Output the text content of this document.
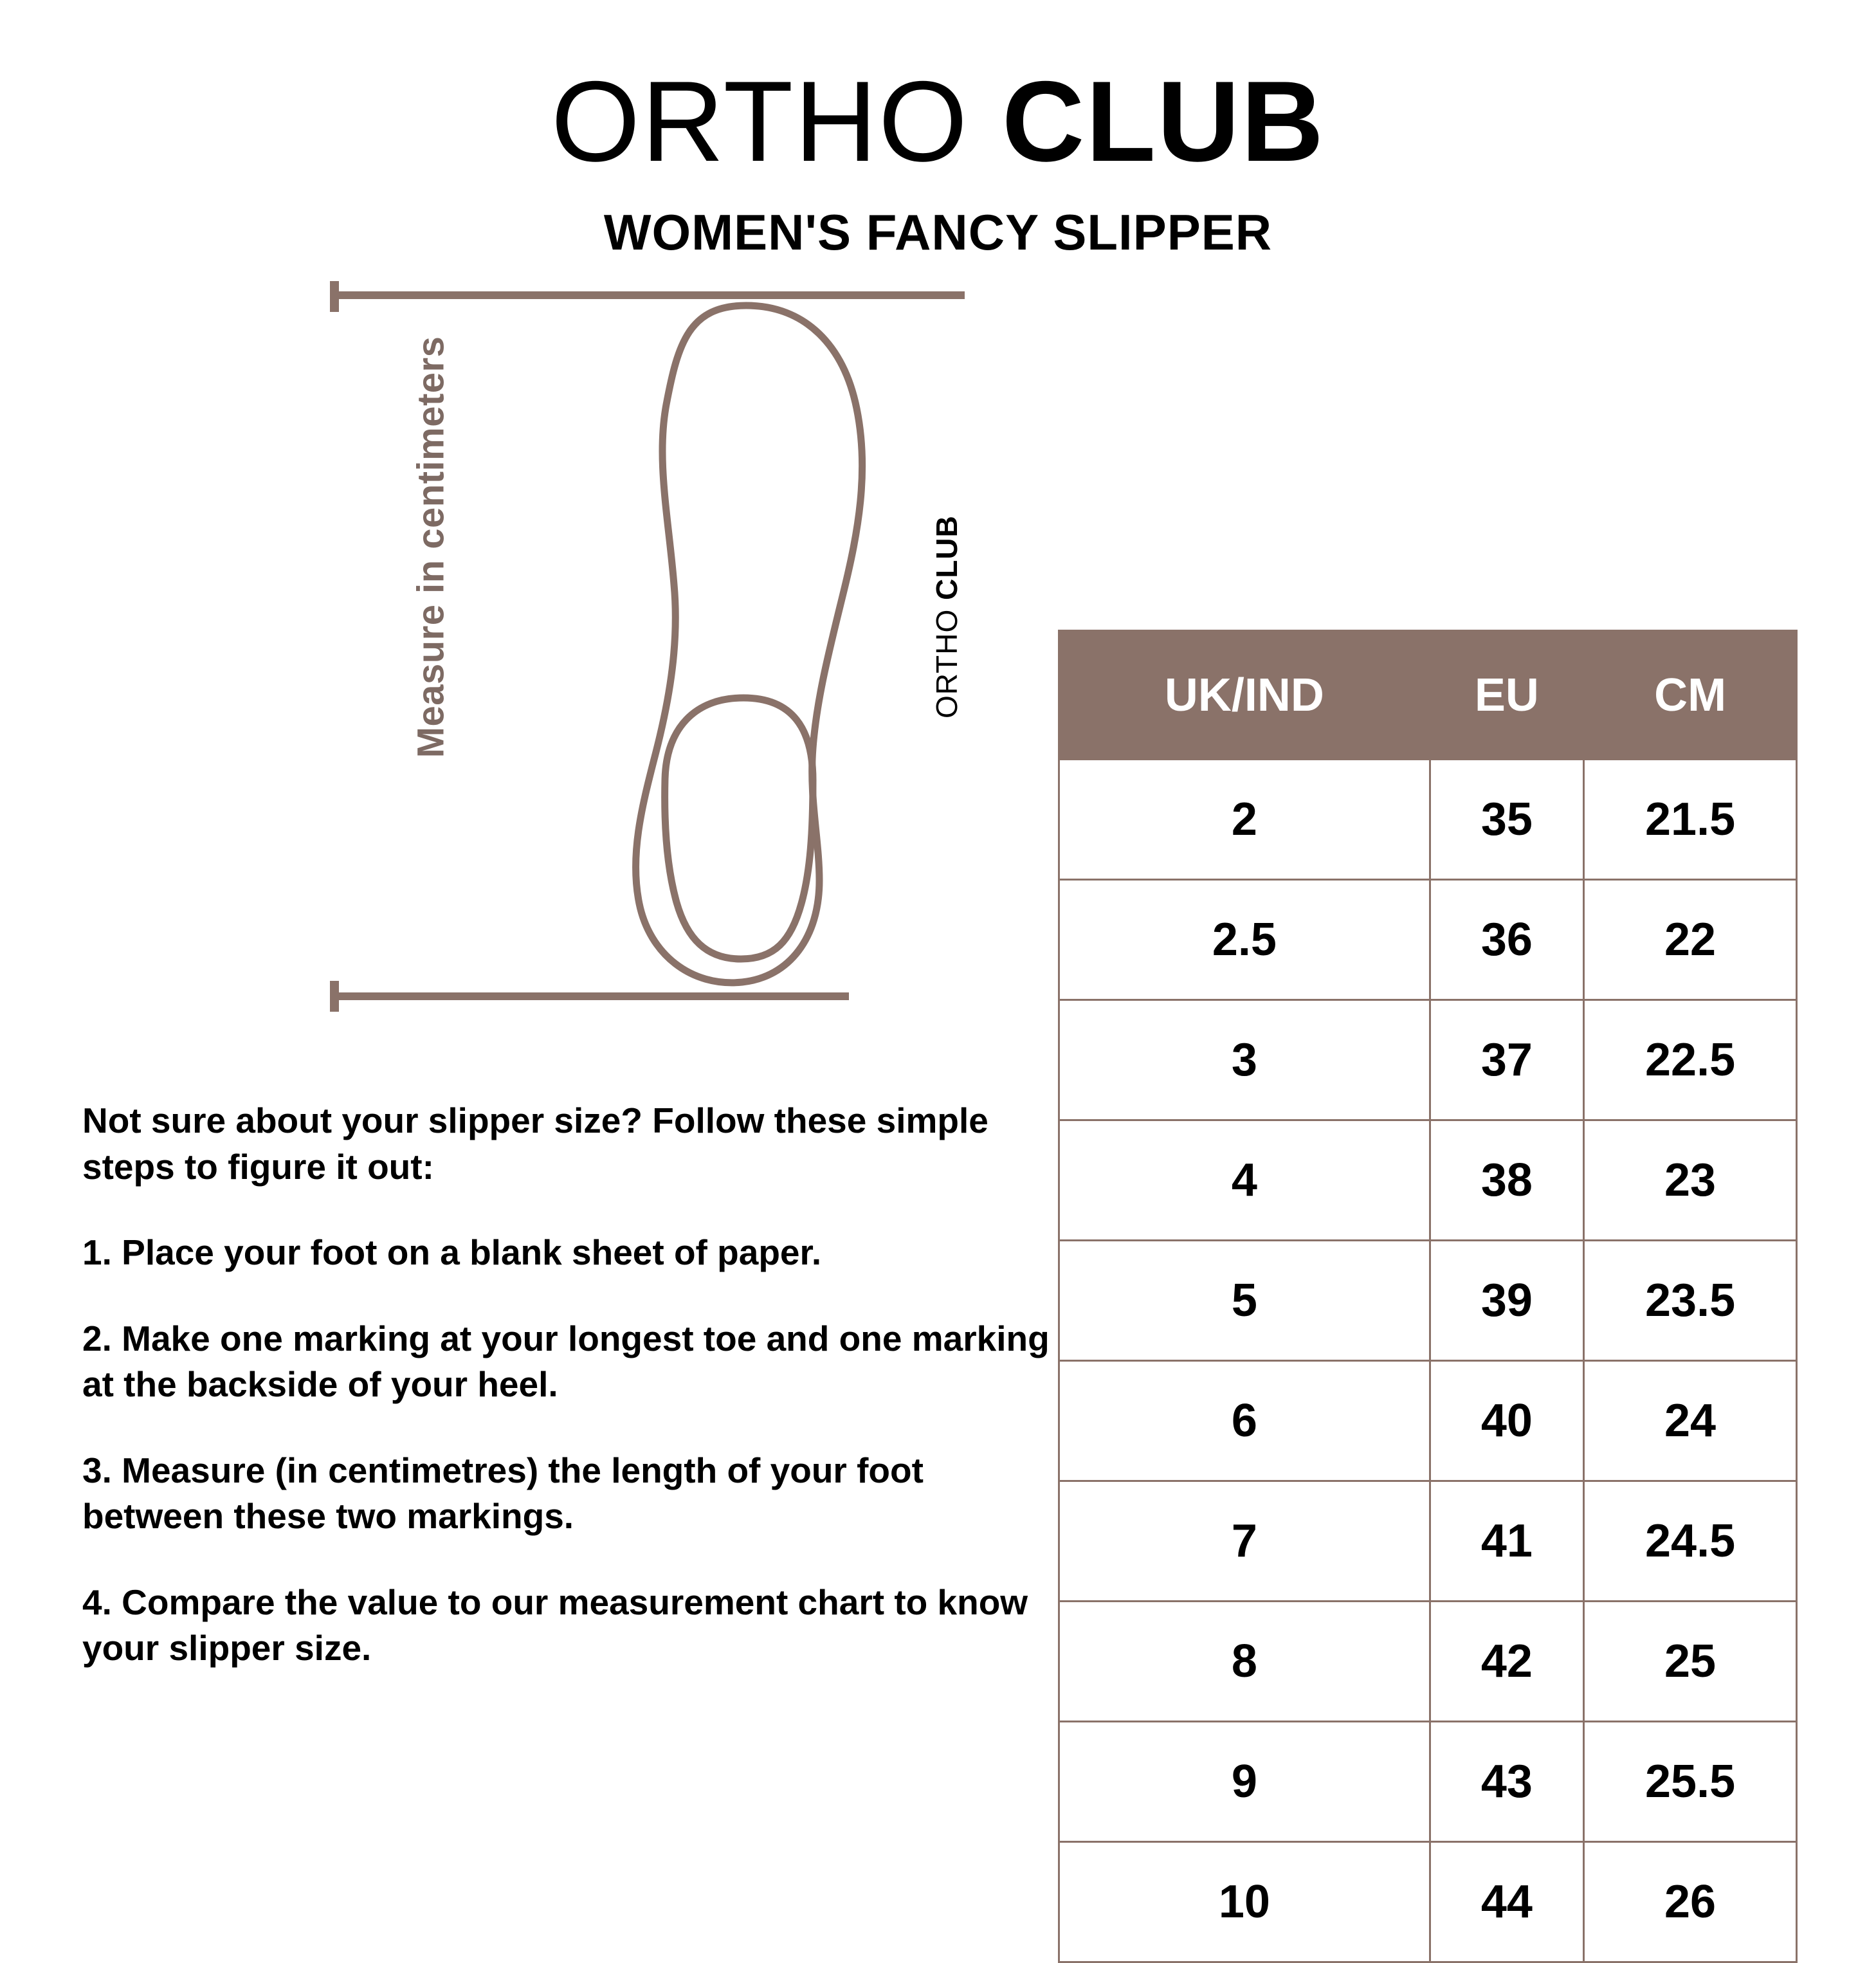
ORTHO CLUB
WOMEN'S FANCY SLIPPER
Measure in centimeters	ORTHO CLUB

Not sure about your slipper size? Follow these simple steps to figure it out:

1. Place your foot on a blank sheet of paper.

2. Make one marking at your longest toe and one marking at the backside of your heel.

3. Measure (in centimetres) the length of your foot between these two markings.

4. Compare the value to our measurement chart to know your slipper size.

UK/IND	EU	CM
2	35	21.5
2.5	36	22
3	37	22.5
4	38	23
5	39	23.5
6	40	24
7	41	24.5
8	42	25
9	43	25.5
10	44	26
